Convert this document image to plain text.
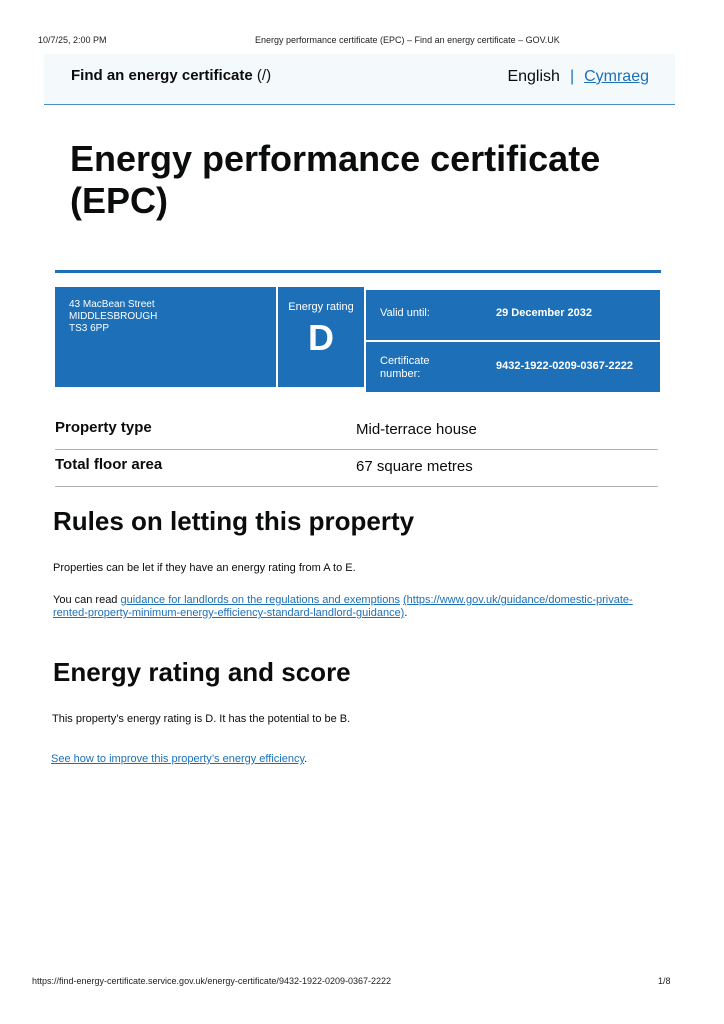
10/7/25, 2:00 PM	Energy performance certificate (EPC) – Find an energy certificate – GOV.UK
Find an energy certificate (/)	English | Cymraeg
Energy performance certificate (EPC)
43 MacBean Street
MIDDLESBROUGH
TS3 6PP
Energy rating
D
Valid until:	29 December 2032
Certificate
number:
9432-1922-0209-0367-2222
Property type	Mid-terrace house
Total floor area	67 square metres
Rules on letting this property
Properties can be let if they have an energy rating from A to E.
You can read guidance for landlords on the regulations and exemptions (https://www.gov.uk/guidance/domestic-private-
rented-property-minimum-energy-efficiency-standard-landlord-guidance).
Energy rating and score
This property’s energy rating is D. It has the potential to be B.
See how to improve this property’s energy efficiency.
https://find-energy-certificate.service.gov.uk/energy-certificate/9432-1922-0209-0367-2222	1/8
